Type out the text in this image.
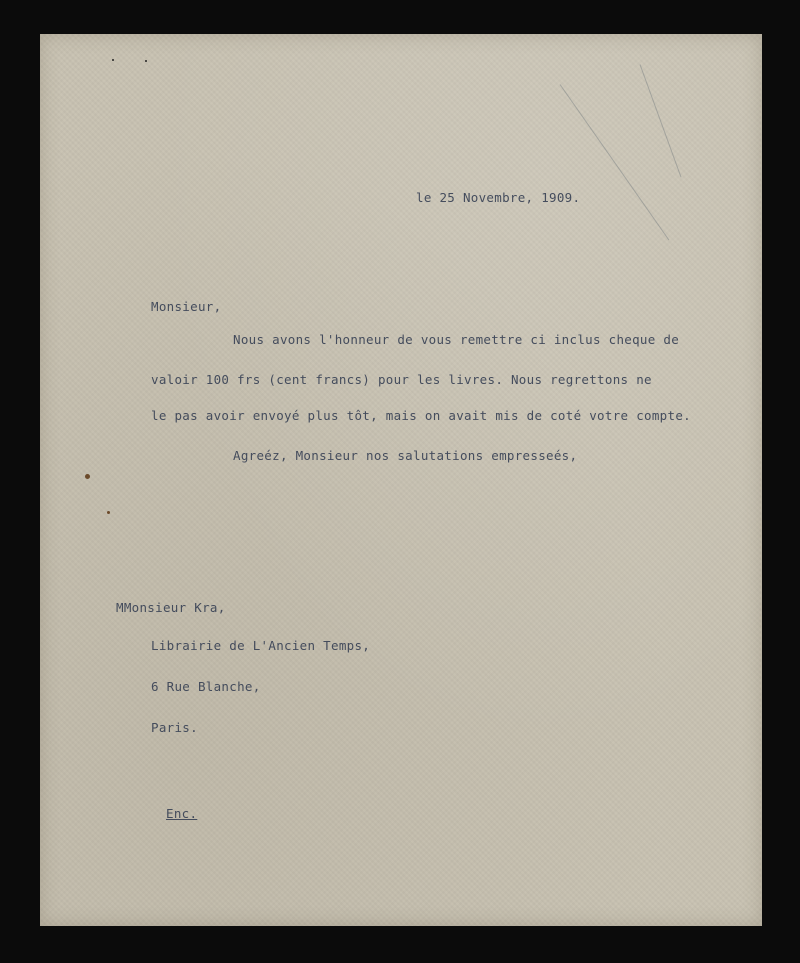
le 25 Novembre, 1909.
Monsieur,
Nous avons l'honneur de vous remettre ci inclus cheque de
valoir 100 frs (cent francs) pour les livres. Nous regrettons ne
le pas avoir envoyé plus tôt, mais on avait mis de coté votre compte.
Agreéz, Monsieur nos salutations empresseés,
MMonsieur Kra,
Librairie de L'Ancien Temps,
6 Rue Blanche,
Paris.
Enc.
